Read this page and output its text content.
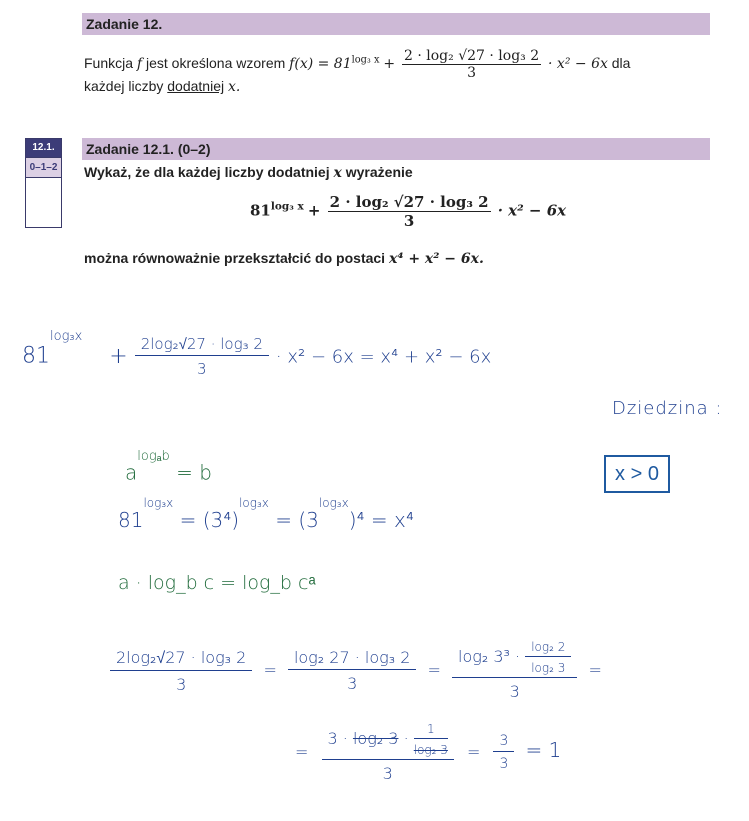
Zadanie 12.
Funkcja f jest określona wzorem $f(x) = 81^{log_3 x} + \frac{\text{2 · log₂ √27 · log₃ 2}}{3} \cdot x^2 - 6x$ dla
każdej liczby dodatniej x.
12.1.
0–1–2
Zadanie 12.1. (0–2)
Wykaż, że dla każdej liczby dodatniej x wyrażenie
$81^{log_3 x} + \frac{\text{2 · log₂ √27 · log₃ 2}}{3} \cdot x^2 - 6x$
można równoważnie przekształcić do postaci x⁴ + x² − 6x.
$81^{log_3x} + \frac{\text{2log₂√27 · log₃ 2}}{3} \cdot x^2 - 6x = x^4 + x^2 - 6x$
Dziedzina :
x > 0
$a^{log_ab} = b$
$81^{log_3x} = (3^4)^{log_3x} = (3^{log_3x})^4 = x^4$
a · log_b c = log_b cᵃ
$\frac{\text{2log₂√27 · log₃ 2}}{3} = \frac{\text{log₂ 27 · log₃ 2}}{3} = \frac{\log_2 3^3 \cdot \frac{\text{log₂ 2}}{\text{log₂ 3}}}{3}$ =
= $\frac{3 \cdot \log_2 3 \cdot \frac{1}{\text{log₂ 3}}}{3} = \frac{3}{3} = 1$
